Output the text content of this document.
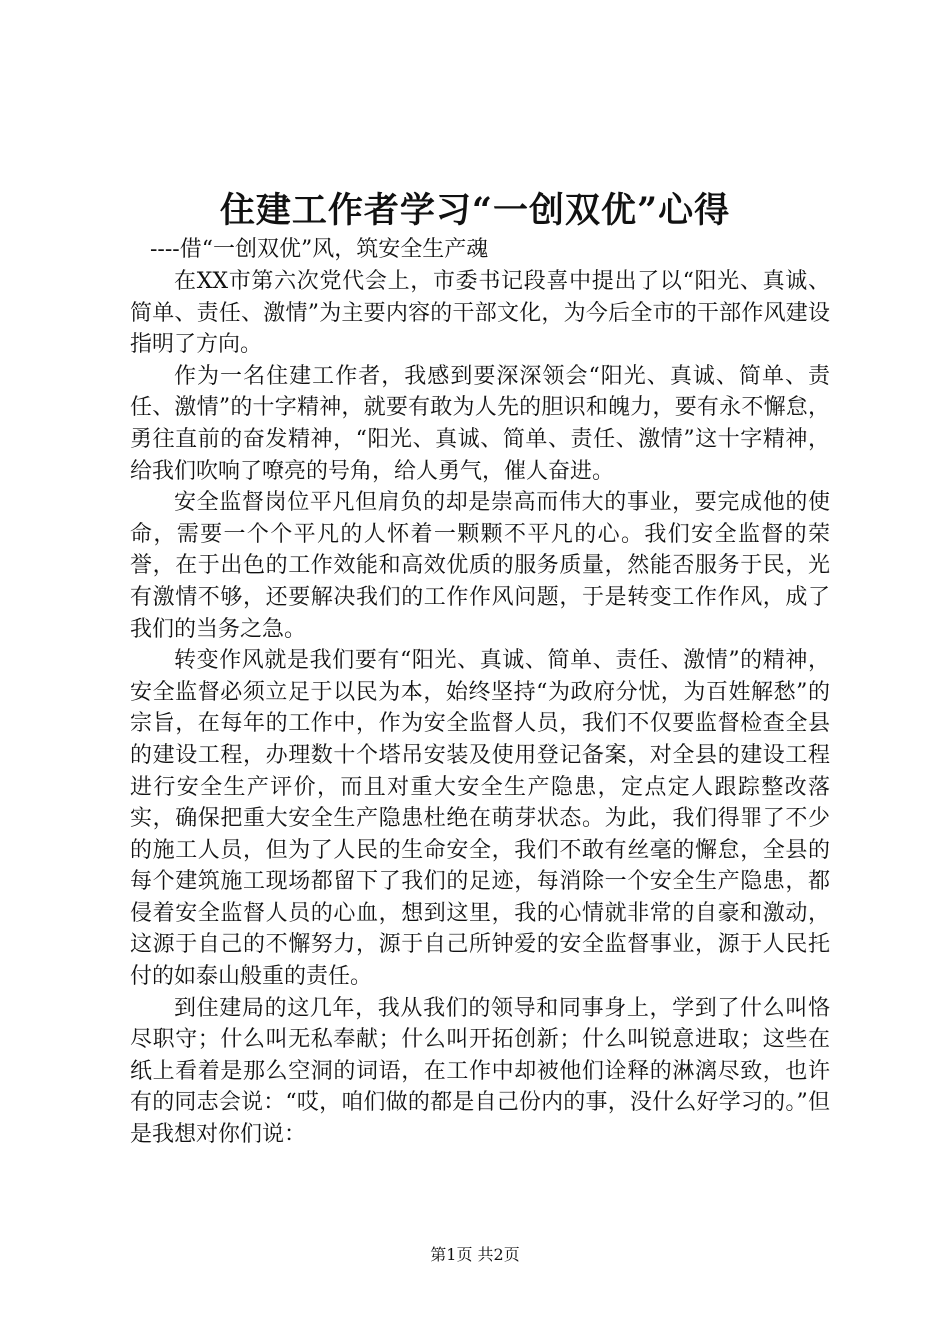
住建工作者学习“一创双优”心得
----借“一创双优”风，筑安全生产魂

在XX市第六次党代会上，市委书记段喜中提出了以“阳光、真诚、简单、责任、激情”为主要内容的干部文化，为今后全市的干部作风建设指明了方向。

作为一名住建工作者，我感到要深深领会“阳光、真诚、简单、责任、激情”的十字精神，就要有敢为人先的胆识和魄力，要有永不懈怠，勇往直前的奋发精神，“阳光、真诚、简单、责任、激情”这十字精神，给我们吹响了嘹亮的号角，给人勇气，催人奋进。

安全监督岗位平凡但肩负的却是崇高而伟大的事业，要完成他的使命，需要一个个平凡的人怀着一颗颗不平凡的心。我们安全监督的荣誉，在于出色的工作效能和高效优质的服务质量，然能否服务于民，光有激情不够，还要解决我们的工作作风问题，于是转变工作作风，成了我们的当务之急。

转变作风就是我们要有“阳光、真诚、简单、责任、激情”的精神，安全监督必须立足于以民为本，始终坚持“为政府分忧，为百姓解愁”的宗旨，在每年的工作中，作为安全监督人员，我们不仅要监督检查全县的建设工程，办理数十个塔吊安装及使用登记备案，对全县的建设工程进行安全生产评价，而且对重大安全生产隐患，定点定人跟踪整改落实，确保把重大安全生产隐患杜绝在萌芽状态。为此，我们得罪了不少的施工人员，但为了人民的生命安全，我们不敢有丝毫的懈怠，全县的每个建筑施工现场都留下了我们的足迹，每消除一个安全生产隐患，都侵着安全监督人员的心血，想到这里，我的心情就非常的自豪和激动，这源于自己的不懈努力，源于自己所钟爱的安全监督事业，源于人民托付的如泰山般重的责任。

到住建局的这几年，我从我们的领导和同事身上，学到了什么叫恪尽职守；什么叫无私奉献；什么叫开拓创新；什么叫锐意进取；这些在纸上看着是那么空洞的词语，在工作中却被他们诠释的淋漓尽致，也许有的同志会说：“哎，咱们做的都是自己份内的事，没什么好学习的。”但是我想对你们说：

第1页 共2页
